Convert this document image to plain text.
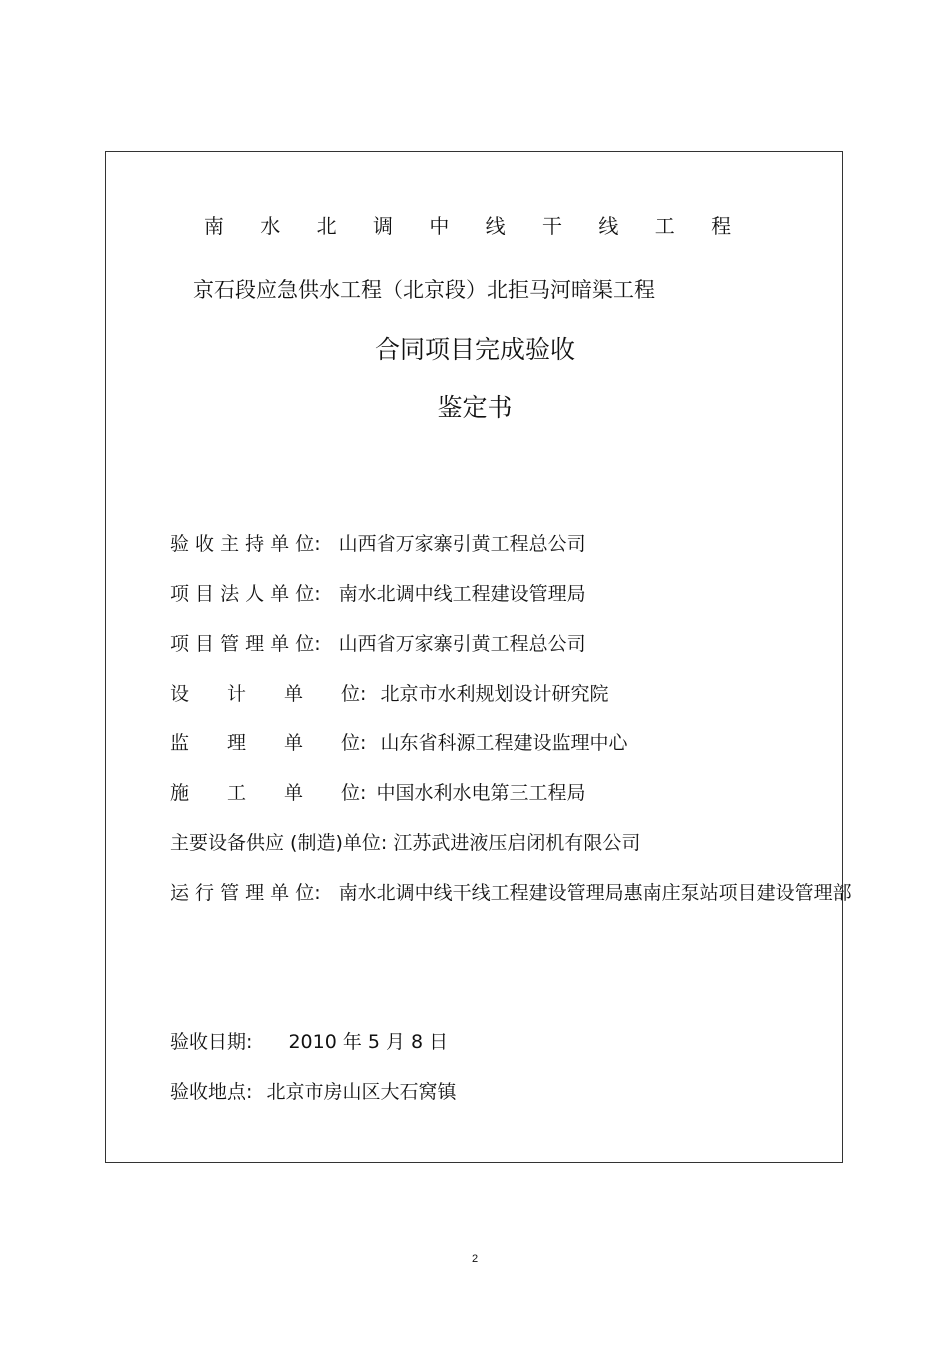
南 水 北 调 中 线 干 线 工 程
京石段应急供水工程（北京段）北拒马河暗渠工程
合同项目完成验收
鉴定书
验 收 主 持 单 位: 山西省万家寨引黄工程总公司
项 目 法 人 单 位: 南水北调中线工程建设管理局
项 目 管 理 单 位: 山西省万家寨引黄工程总公司
设　　计　　单　　位: 北京市水利规划设计研究院
监　　理　　单　　位: 山东省科源工程建设监理中心
施　　工　　单　　位: 中国水利水电第三工程局
主要设备供应 (制造)单位: 江苏武进液压启闭机有限公司
运 行 管 理 单 位: 南水北调中线干线工程建设管理局惠南庄泵站项目建设管理部
验收日期: 2010 年 5 月 8 日
验收地点: 北京市房山区大石窝镇
2
